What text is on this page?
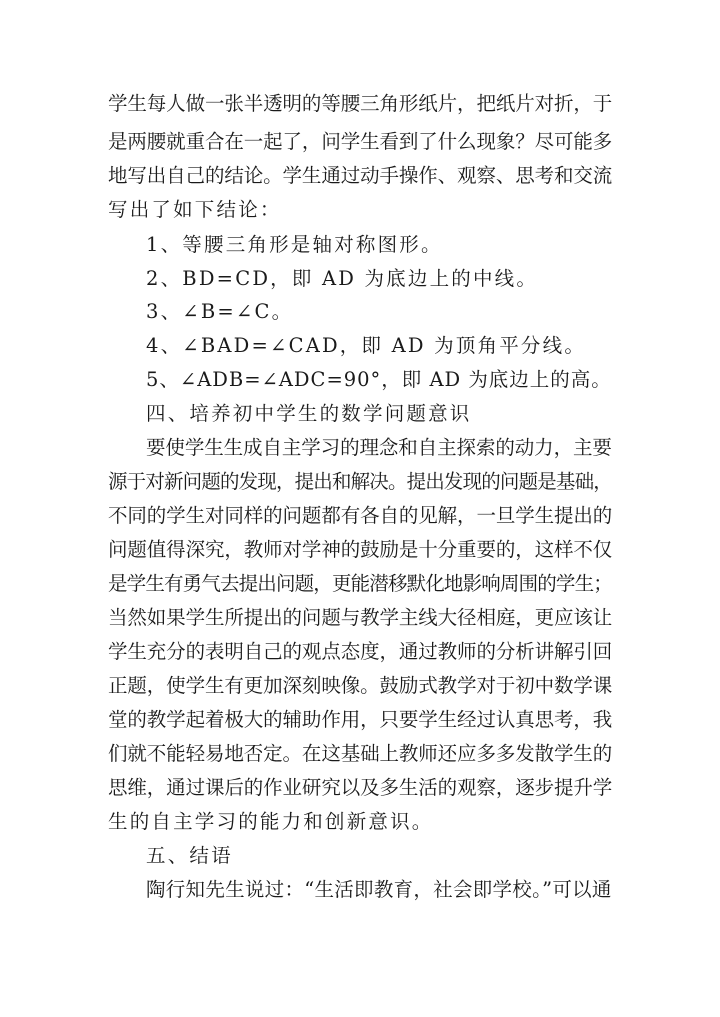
学生每人做一张半透明的等腰三角形纸片，把纸片对折，于
是两腰就重合在一起了，问学生看到了什么现象？尽可能多
地写出自己的结论。学生通过动手操作、观察、思考和交流
写出了如下结论：
1、等腰三角形是轴对称图形。
2、BD=CD，即 AD 为底边上的中线。
3、∠B=∠C。
4、∠BAD=∠CAD，即 AD 为顶角平分线。
5、∠ADB=∠ADC=90°，即 AD 为底边上的高。
四、培养初中学生的数学问题意识
要使学生生成自主学习的理念和自主探索的动力，主要
源于对新问题的发现，提出和解决。提出发现的问题是基础，
不同的学生对同样的问题都有各自的见解，一旦学生提出的
问题值得深究，教师对学神的鼓励是十分重要的，这样不仅
是学生有勇气去提出问题，更能潜移默化地影响周围的学生；
当然如果学生所提出的问题与教学主线大径相庭，更应该让
学生充分的表明自己的观点态度，通过教师的分析讲解引回
正题，使学生有更加深刻映像。鼓励式教学对于初中数学课
堂的教学起着极大的辅助作用，只要学生经过认真思考，我
们就不能轻易地否定。在这基础上教师还应多多发散学生的
思维，通过课后的作业研究以及多生活的观察，逐步提升学
生的自主学习的能力和创新意识。
五、结语
陶行知先生说过：“生活即教育，社会即学校。”可以通
